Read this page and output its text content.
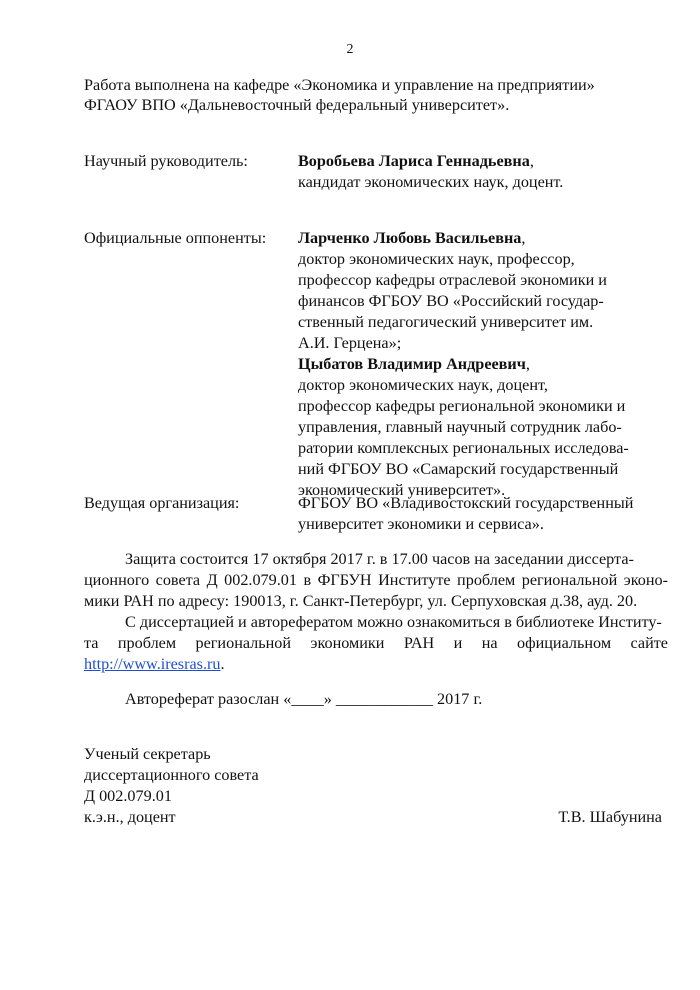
2
Работа выполнена на кафедре «Экономика и управление на предприятии»
ФГАОУ ВПО «Дальневосточный федеральный университет».
Научный руководитель:	Воробьева Лариса Геннадьевна,
кандидат экономических наук, доцент.
Официальные оппоненты: Ларченко Любовь Васильевна,
доктор экономических наук, профессор,
профессор кафедры отраслевой экономики и
финансов ФГБОУ ВО «Российский государ-
ственный педагогический университет им.
А.И. Герцена»;
Цыбатов Владимир Андреевич,
доктор экономических наук, доцент,
профессор кафедры региональной экономики и
управления, главный научный сотрудник лабо-
ратории комплексных региональных исследова-
ний ФГБОУ ВО «Самарский государственный
экономический университет».
Ведущая организация:	ФГБОУ ВО «Владивостокский государственный
университет экономики и сервиса».
Защита состоится 17 октября 2017 г. в 17.00 часов на заседании диссерта-
ционного совета Д 002.079.01 в ФГБУН Институте проблем региональной эконо-
мики РАН по адресу: 190013, г. Санкт-Петербург, ул. Серпуховская д.38, ауд. 20.
С диссертацией и авторефератом можно ознакомиться в библиотеке Институ-
та проблем региональной экономики РАН и на официальном сайте
http://www.iresras.ru.
Автореферат разослан «____» ____________ 2017 г.
Ученый секретарь
диссертационного совета
Д 002.079.01
к.э.н., доцент	Т.В. Шабунина
